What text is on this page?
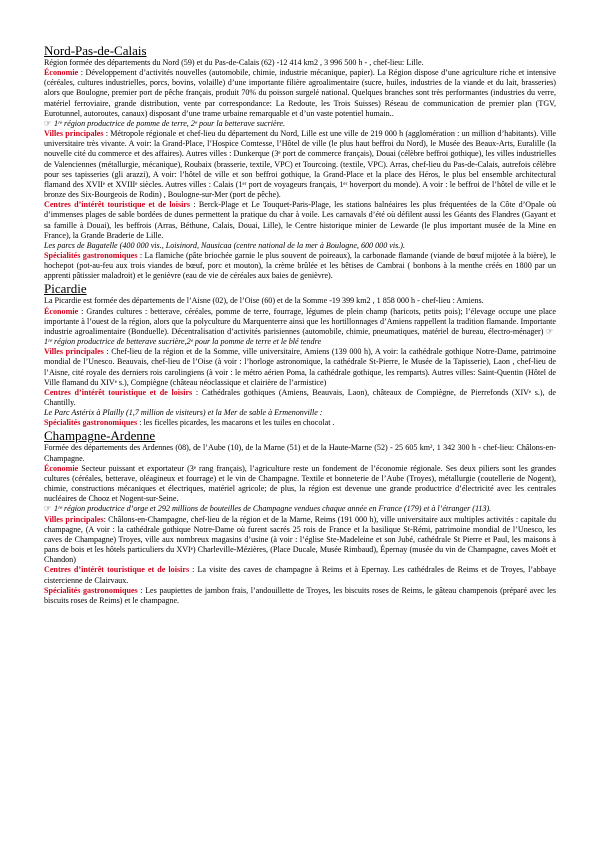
Nord-Pas-de-Calais

Région formée des départements du Nord (59) et du Pas-de-Calais (62) -12 414 km2 , 3 996 500 h - , chef-lieu: Lille.

Économie : Développement d’activités nouvelles (automobile, chimie, industrie mécanique, papier). La Région dispose d’une agriculture riche et intensive (céréales, cultures industrielles, porcs, bovins, volaille) d’une importante filière agroalimentaire (sucre, huiles, industries de la viande et du lait, brasseries) alors que Boulogne, premier port de pêche français, produit 70% du poisson surgelé national. Quelques branches sont très performantes (industries du verre, matériel ferroviaire, grande distribution, vente par correspondance: La Redoute, les Trois Suisses) Réseau de communication de premier plan (TGV, Eurotunnel, autoroutes, canaux) disposant d’une trame urbaine remarquable et d’un vaste potentiel humain..

☞ 1ʳᵉ région productrice de pomme de terre, 2ᵉ pour la betterave sucrière.

Villes principales : Métropole régionale et chef-lieu du département du Nord, Lille est une ville de 219 000 h (agglomération : un million d’habitants). Ville universitaire très vivante. A voir: la Grand-Place, l’Hospice Comtesse, l’Hôtel de ville (le plus haut beffroi du Nord), le Musée des Beaux-Arts, Euralille (la nouvelle cité du commerce et des affaires). Autres villes : Dunkerque (3ᵉ port de commerce français), Douai (célèbre beffroi gothique), les villes industrielles de Valenciennes (métallurgie, mécanique), Roubaix (brasserie, textile, VPC) et Tourcoing. (textile, VPC). Arras, chef-lieu du Pas-de-Calais, autrefois célèbre pour ses tapisseries (gli arazzi), A voir: l’hôtel de ville et son beffroi gothique, la Grand-Place et la place des Héros, le plus bel ensemble architectural flamand des XVIIᵉ et XVIIIᵉ siècles. Autres villes : Calais (1ᵉʳ port de voyageurs français, 1ᵉʳ hoverport du monde). A voir : le beffroi de l’hôtel de ville et le bronze des Six-Bourgeois de Rodin) , Boulogne-sur-Mer (port de pêche).

Centres d’intérêt touristique et de loisirs : Berck-Plage et Le Touquet-Paris-Plage, les stations balnéaires les plus fréquentées de la Côte d’Opale où d’immenses plages de sable bordées de dunes permettent la pratique du char à voile. Les carnavals d’été où défilent aussi les Géants des Flandres (Gayant et sa famille à Douai), les beffrois (Arras, Béthune, Calais, Douai, Lille), le Centre historique minier de Lewarde (le plus important musée de la Mine en France), la Grande Braderie de Lille.

Les parcs de Bagatelle (400 000 vis., Loisinord, Nausicaa (centre national de la mer à Boulogne, 600 000 vis.).

Spécialités gastronomiques : La flamiche (pâte briochée garnie le plus souvent de poireaux), la carbonade flamande (viande de bœuf mijotée à la bière), le hochepot (pot-au-feu aux trois viandes de bœuf, porc et mouton), la crème brûlée et les bêtises de Cambrai ( bonbons à la menthe créés en 1800 par un apprenti pâtissier maladroit) et le genièvre (eau de vie de céréales aux baies de genièvre).

Picardie

La Picardie est formée des départements de l’Aisne (02), de l’Oise (60) et de la Somme -19 399 km2 , 1 858 000 h - chef-lieu : Amiens.

Économie : Grandes cultures : betterave, céréales, pomme de terre, fourrage, légumes de plein champ (haricots, petits pois); l’élevage occupe une place importante à l’ouest de la région, alors que la polyculture du Marquenterre ainsi que les hortillonnages d’Amiens rappellent la tradition flamande. Importante industrie agroalimentaire (Bonduelle). Décentralisation d’activités parisiennes (automobile, chimie, pneumatiques, matériel de bureau, électro-ménager) ☞1ʳᵉ région productrice de betterave sucrière,2ᵉ pour la pomme de terre et le blé tendre

Villes principales : Chef-lieu de la région et de la Somme, ville universitaire, Amiens (139 000 h), A voir: la cathédrale gothique Notre-Dame, patrimoine mondial de l’Unesco. Beauvais, chef-lieu de l’Oise (à voir : l’horloge astronomique, la cathédrale St-Pierre, le Musée de la Tapisserie), Laon , chef-lieu de l’Aisne, cité royale des derniers rois carolingiens (à voir : le métro aérien Poma, la cathédrale gothique, les remparts). Autres villes: Saint-Quentin (Hôtel de Ville flamand du XIVᵉ s.), Compiègne (château néoclassique et clairière de l’armistice)

Centres d’intérêt touristique et de loisirs : Cathédrales gothiques (Amiens, Beauvais, Laon), châteaux de Compiègne, de Pierrefonds (XIVᵉ s.), de Chantilly.

Le Parc Astérix à Plailly (1,7 million de visiteurs) et la Mer de sable à Ermenonville :

Spécialités gastronomiques : les ficelles picardes, les macarons et les tuiles en chocolat .

Champagne-Ardenne

Formée des départements des Ardennes (08), de l’Aube (10), de la Marne (51) et de la Haute-Marne (52) - 25 605 km², 1 342 300 h - chef-lieu: Châlons-en-Champagne.

Économie Secteur puissant et exportateur (3ᵉ rang français), l’agriculture reste un fondement de l’économie régionale. Ses deux piliers sont les grandes cultures (céréales, betterave, oléagineux et fourrage) et le vin de Champagne. Textile et bonneterie de l’Aube (Troyes), métallurgie (coutellerie de Nogent), chimie, constructions mécaniques et électriques, matériel agricole; de plus, la région est devenue une grande productrice d’électricité avec les centrales nucléaires de Chooz et Nogent-sur-Seine.

☞ 1ʳᵉ région productrice d’orge et 292 millions de bouteilles de Champagne vendues chaque année en France (179) et à l’étranger (113).

Villes principales: Châlons-en-Champagne, chef-lieu de la région et de la Marne, Reims (191 000 h), ville universitaire aux multiples activités : capitale du champagne, (A voir : la cathédrale gothique Notre-Dame où furent sacrés 25 rois de France et la basilique St-Rémi, patrimoine mondial de l’Unesco, les caves de Champagne) Troyes, ville aux nombreux magasins d’usine (à voir : l’église Ste-Madeleine et son Jubé, cathédrale St Pierre et Paul, les maisons à pans de bois et les hôtels particuliers du XVIᵉ) Charleville-Mézières, (Place Ducale, Musée Rimbaud), Épernay (musée du vin de Champagne, caves Moët et Chandon)

Centres d’intérêt touristique et de loisirs : La visite des caves de champagne à Reims et à Epernay. Les cathédrales de Reims et de Troyes, l’abbaye cistercienne de Clairvaux.

Spécialités gastronomiques : Les paupiettes de jambon frais, l’andouillette de Troyes, les biscuits roses de Reims, le gâteau champenois (préparé avec les biscuits roses de Reims) et le champagne.
